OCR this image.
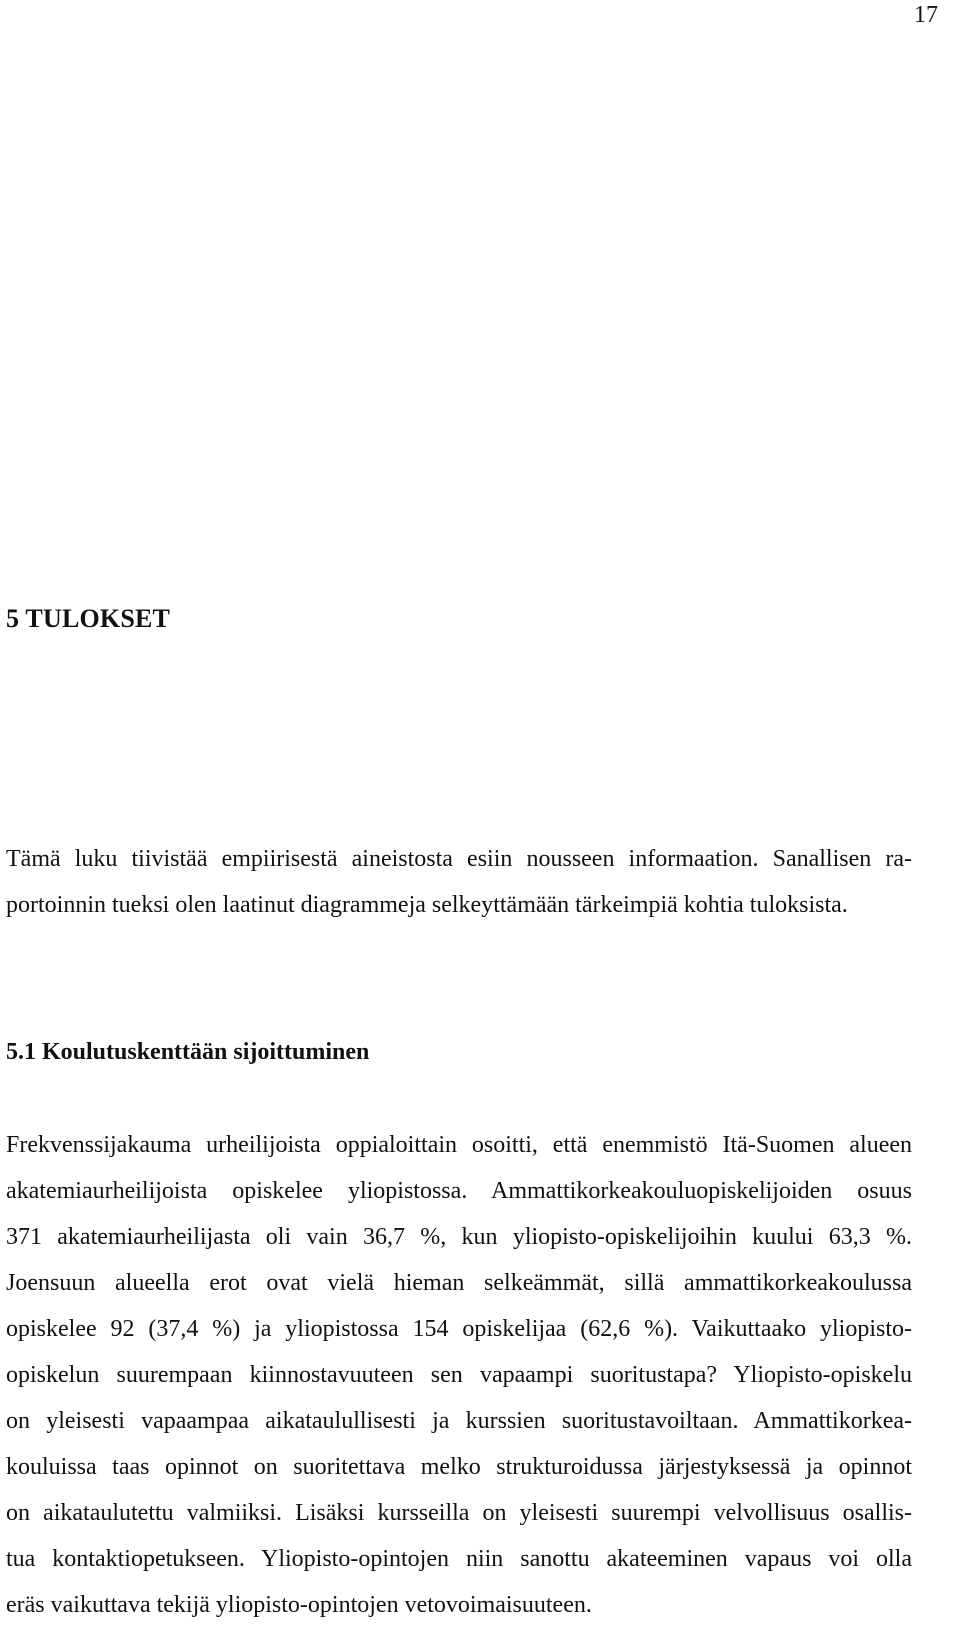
17
5 TULOKSET

Tämä luku tiivistää empiirisestä aineistosta esiin nousseen informaation. Sanallisen ra-
portoinnin tueksi olen laatinut diagrammeja selkeyttämään tärkeimpiä kohtia tuloksista.

5.1 Koulutuskenttään sijoittuminen

Frekvenssijakauma urheilijoista oppialoittain osoitti, että enemmistö Itä-Suomen alueen
akatemiaurheilijoista opiskelee yliopistossa. Ammattikorkeakouluopiskelijoiden osuus
371 akatemiaurheilijasta oli vain 36,7 %, kun yliopisto-opiskelijoihin kuului 63,3 %.
Joensuun alueella erot ovat vielä hieman selkeämmät, sillä ammattikorkeakoulussa
opiskelee 92 (37,4 %) ja yliopistossa 154 opiskelijaa (62,6 %). Vaikuttaako yliopisto-
opiskelun suurempaan kiinnostavuuteen sen vapaampi suoritustapa? Yliopisto-opiskelu
on yleisesti vapaampaa aikataulullisesti ja kurssien suoritustavoiltaan. Ammattikorkea-
kouluissa taas opinnot on suoritettava melko strukturoidussa järjestyksessä ja opinnot
on aikataulutettu valmiiksi. Lisäksi kursseilla on yleisesti suurempi velvollisuus osallis-
tua kontaktiopetukseen. Yliopisto-opintojen niin sanottu akateeminen vapaus voi olla
eräs vaikuttava tekijä yliopisto-opintojen vetovoimaisuuteen.
